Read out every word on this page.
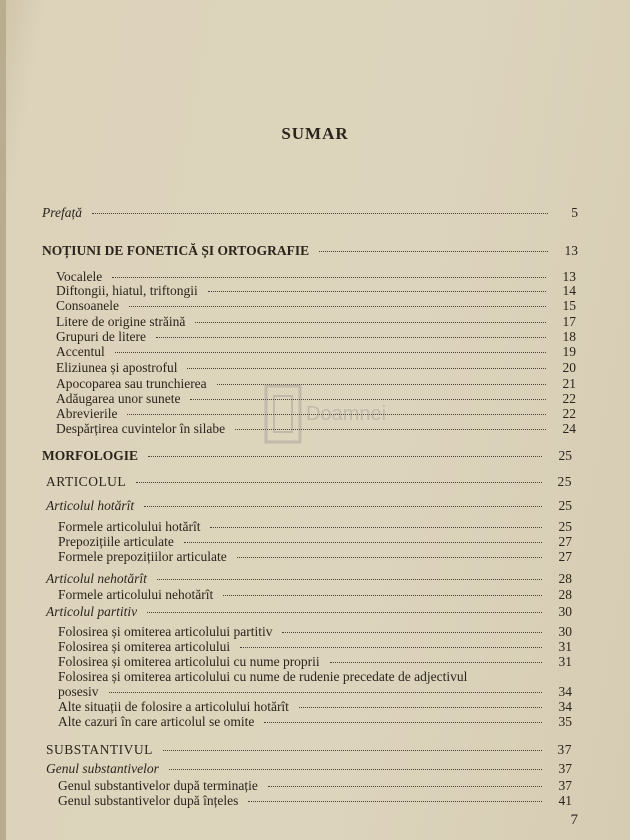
SUMAR
Prefață	5
NOȚIUNI DE FONETICĂ ȘI ORTOGRAFIE	13
Vocalele	13
Diftongii, hiatul, triftongii	14
Consoanele	15
Litere de origine străină	17
Grupuri de litere	18
Accentul	19
Eliziunea și apostroful	20
Apocoparea sau trunchierea	21
Adăugarea unor sunete	22
Abrevierile	22
Despărțirea cuvintelor în silabe	24
MORFOLOGIE	25
ARTICOLUL	25
Articolul hotărît	25
Formele articolului hotărît	25
Prepozițiile articulate	27
Formele prepozițiilor articulate	27
Articolul nehotărît	28
Formele articolului nehotărît	28
Articolul partitiv	30
Folosirea și omiterea articolului partitiv	30
Folosirea și omiterea articolului	31
Folosirea și omiterea articolului cu nume proprii	31
Folosirea și omiterea articolului cu nume de rudenie precedate de adjectivul
posesiv	34
Alte situații de folosire a articolului hotărît	34
Alte cazuri în care articolul se omite	35
SUBSTANTIVUL	37
Genul substantivelor	37
Genul substantivelor după terminație	37
Genul substantivelor după înțeles	41
Doamnei
7
